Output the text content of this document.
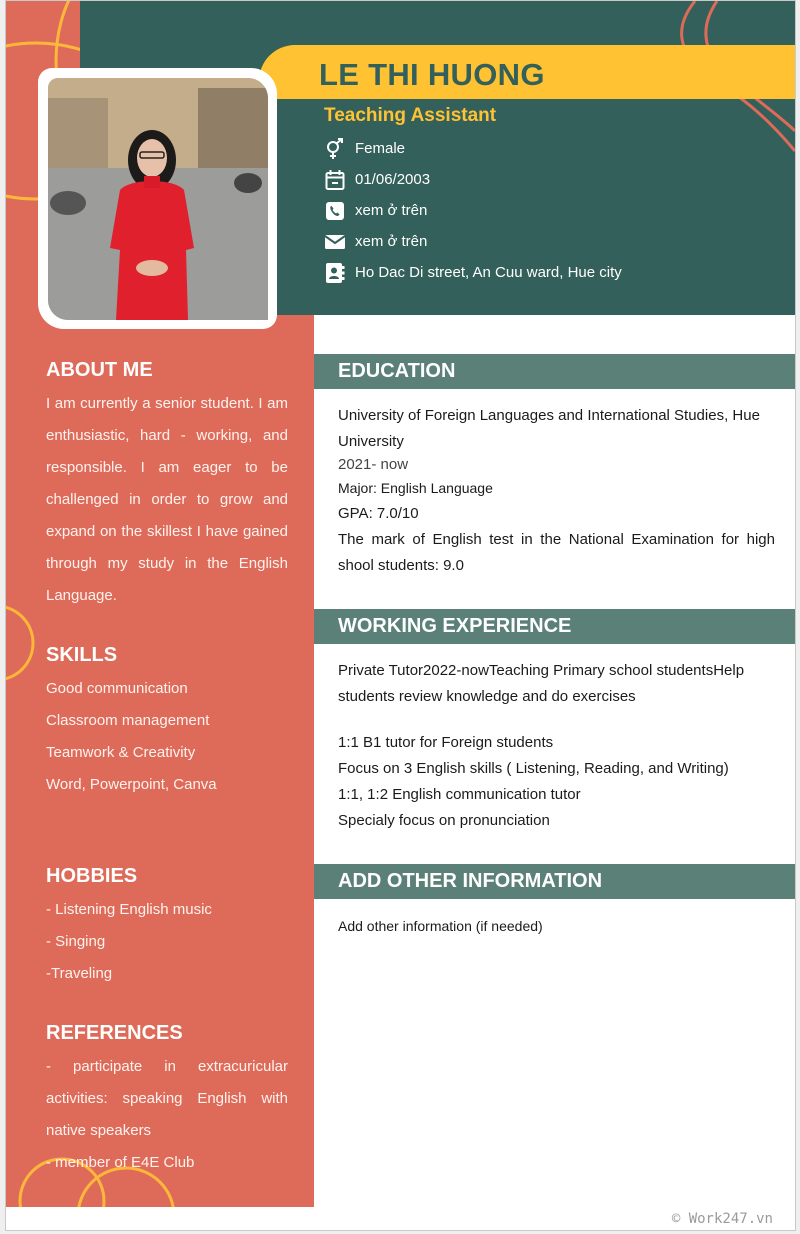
ABOUT ME

I am currently a senior student. I am enthusiastic, hard - working, and responsible. I am eager to be challenged in order to grow and expand on the skillest I have gained through my study in the English Language.

SKILLS
Good communication
Classroom management
Teamwork & Creativity
Word, Powerpoint, Canva
HOBBIES
- Listening English music
- Singing
-Traveling
REFERENCES

- participate in extracuricular activities: speaking English with native speakers

- member of E4E Club

LE THI HUONG
Teaching Assistant
Female
01/06/2003
xem ở trên
xem ở trên
Ho Dac Di street, An Cuu ward, Hue city
EDUCATION
University of Foreign Languages and International Studies, Hue University
2021- now
Major: English Language
GPA: 7.0/10
The mark of English test in the National Examination for high shool students: 9.0
WORKING EXPERIENCE
Private Tutor2022-nowTeaching Primary school studentsHelp students review knowledge and do exercises
1:1 B1 tutor for Foreign students
Focus on 3 English skills ( Listening, Reading, and Writing)
1:1, 1:2 English communication tutor
Specialy focus on pronunciation
ADD OTHER INFORMATION
Add other information (if needed)
© Work247.vn
